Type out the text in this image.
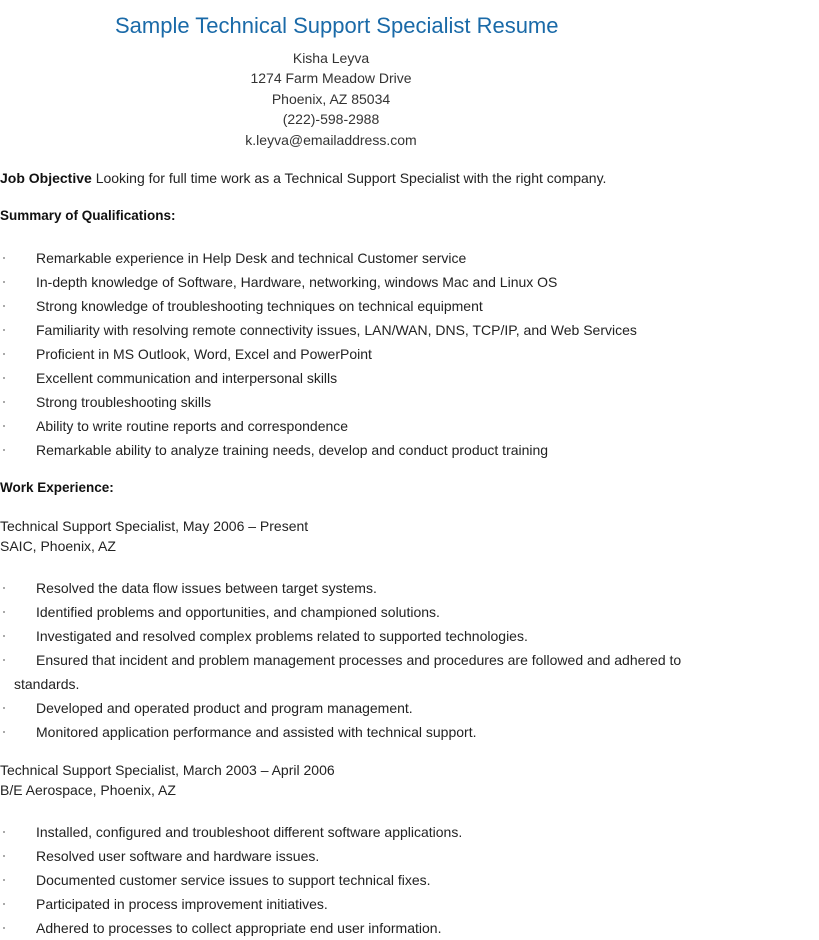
Sample Technical Support Specialist Resume
Kisha Leyva
1274 Farm Meadow Drive
Phoenix, AZ 85034
(222)-598-2988
k.leyva@emailaddress.com
Job Objective Looking for full time work as a Technical Support Specialist with the right company.
Summary of Qualifications:
Remarkable experience in Help Desk and technical Customer service
In-depth knowledge of Software, Hardware, networking, windows Mac and Linux OS
Strong knowledge of troubleshooting techniques on technical equipment
Familiarity with resolving remote connectivity issues, LAN/WAN, DNS, TCP/IP, and Web Services
Proficient in MS Outlook, Word, Excel and PowerPoint
Excellent communication and interpersonal skills
Strong troubleshooting skills
Ability to write routine reports and correspondence
Remarkable ability to analyze training needs, develop and conduct product training
Work Experience:
Technical Support Specialist, May 2006 – Present
SAIC, Phoenix, AZ
Resolved the data flow issues between target systems.
Identified problems and opportunities, and championed solutions.
Investigated and resolved complex problems related to supported technologies.
Ensured that incident and problem management processes and procedures are followed and adhered to
standards.
Developed and operated product and program management.
Monitored application performance and assisted with technical support.
Technical Support Specialist, March 2003 – April 2006
B/E Aerospace, Phoenix, AZ
Installed, configured and troubleshoot different software applications.
Resolved user software and hardware issues.
Documented customer service issues to support technical fixes.
Participated in process improvement initiatives.
Adhered to processes to collect appropriate end user information.
